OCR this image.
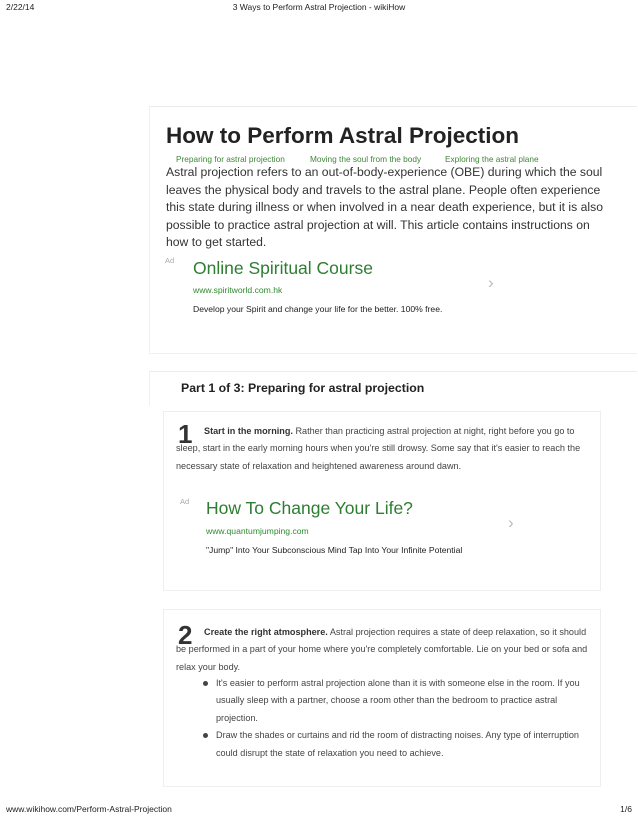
2/22/14	3 Ways to Perform Astral Projection - wikiHow
How to Perform Astral Projection
Preparing for astral projection	Moving the soul from the body	Exploring the astral plane

Astral projection refers to an out-of-body-experience (OBE) during which the soul leaves the physical body and travels to the astral plane. People often experience this state during illness or when involved in a near death experience, but it is also possible to practice astral projection at will. This article contains instructions on how to get started.

Ad Online Spiritual Course
www.spiritworld.com.hk
Develop your Spirit and change your life for the better. 100% free.
›
Part 1 of 3: Preparing for astral projection
1	Start in the morning. Rather than practicing astral projection at night, right before you go to sleep, start in the early morning hours when you're still drowsy. Some say that it's easier to reach the necessary state of relaxation and heightened awareness around dawn.

Ad How To Change Your Life?
www.quantumjumping.com
"Jump" Into Your Subconscious Mind Tap Into Your Infinite Potential
›
2	Create the right atmosphere. Astral projection requires a state of deep relaxation, so it should be performed in a part of your home where you're completely comfortable. Lie on your bed or sofa and relax your body.

It's easier to perform astral projection alone than it is with someone else in the room. If you usually sleep with a partner, choose a room other than the bedroom to practice astral projection.
Draw the shades or curtains and rid the room of distracting noises. Any type of interruption could disrupt the state of relaxation you need to achieve.
www.wikihow.com/Perform-Astral-Projection	1/6
